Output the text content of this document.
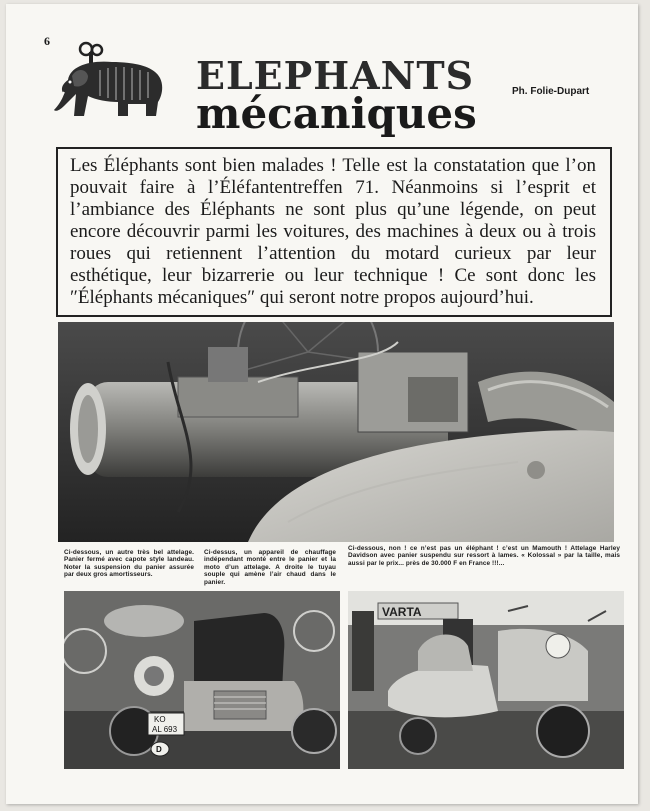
6
ELEPHANTS
mécaniques	Ph. Folie-Dupart

Les Éléphants sont bien malades ! Telle est la constatation que l’on pouvait faire à l’Éléfantentreffen 71. Néanmoins si l’esprit et l’ambiance des Éléphants ne sont plus qu’une légende, on peut encore découvrir parmi les voitures, des machines à deux ou à trois roues qui retiennent l’attention du motard curieux par leur esthétique, leur bizarrerie ou leur technique ! Ce sont donc les ″Éléphants mécaniques″ qui seront notre propos aujourd’hui.

Ci-dessous, un autre très bel attelage. Panier fermé avec capote style landeau. Noter la suspension du panier assurée par deux gros amortisseurs.

Ci-dessus, un appareil de chauffage indépendant monté entre le panier et la moto d’un attelage. A droite le tuyau souple qui amène l’air chaud dans le panier.

Ci-dessous, non ! ce n’est pas un éléphant ! c’est un Mamouth ! Attelage Harley Davidson avec panier suspendu sur ressort à lames. « Kolossal » par la taille, mais aussi par le prix... près de 30.000 F en France !!!...

KO
AL 693
D
VARTA
